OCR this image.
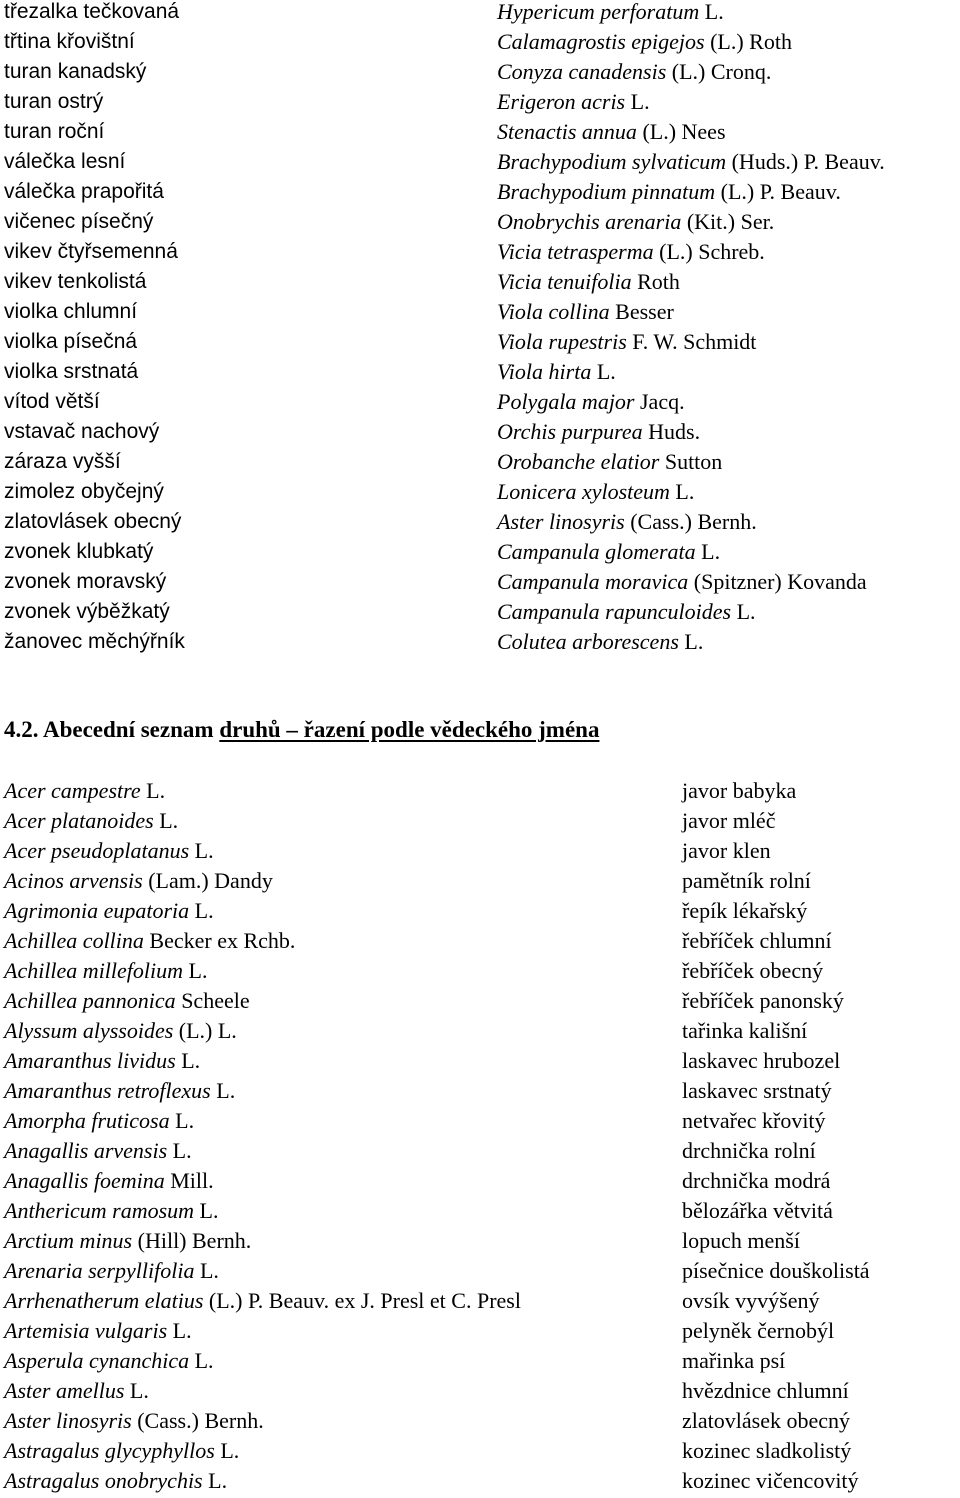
třezalka tečkovaná
třtina křovištní
turan kanadský
turan ostrý
turan roční
válečka lesní
válečka prapořitá
vičenec písečný
vikev čtyřsemenná
vikev tenkolistá
violka chlumní
violka písečná
violka srstnatá
vítod větší
vstavač nachový
záraza vyšší
zimolez obyčejný
zlatovlásek obecný
zvonek klubkatý
zvonek moravský
zvonek výběžkatý
žanovec měchýřník
Hypericum perforatum L.
Calamagrostis epigejos (L.) Roth
Conyza canadensis (L.) Cronq.
Erigeron acris L.
Stenactis annua (L.) Nees
Brachypodium sylvaticum (Huds.) P. Beauv.
Brachypodium pinnatum (L.) P. Beauv.
Onobrychis arenaria (Kit.) Ser.
Vicia tetrasperma (L.) Schreb.
Vicia tenuifolia Roth
Viola collina Besser
Viola rupestris F. W. Schmidt
Viola hirta L.
Polygala major Jacq.
Orchis purpurea Huds.
Orobanche elatior Sutton
Lonicera xylosteum L.
Aster linosyris (Cass.) Bernh.
Campanula glomerata L.
Campanula moravica (Spitzner) Kovanda
Campanula rapunculoides L.
Colutea arborescens L.
4.2. Abecední seznam druhů – řazení podle vědeckého jména
Acer campestre L.
Acer platanoides L.
Acer pseudoplatanus L.
Acinos arvensis (Lam.) Dandy
Agrimonia eupatoria L.
Achillea collina Becker ex Rchb.
Achillea millefolium L.
Achillea pannonica Scheele
Alyssum alyssoides (L.) L.
Amaranthus lividus L.
Amaranthus retroflexus L.
Amorpha fruticosa L.
Anagallis arvensis L.
Anagallis foemina Mill.
Anthericum ramosum L.
Arctium minus (Hill) Bernh.
Arenaria serpyllifolia L.
Arrhenatherum elatius (L.) P. Beauv. ex J. Presl et C. Presl
Artemisia vulgaris L.
Asperula cynanchica L.
Aster amellus L.
Aster linosyris (Cass.) Bernh.
Astragalus glycyphyllos L.
Astragalus onobrychis L.
javor babyka
javor mléč
javor klen
pamětník rolní
řepík lékařský
řebříček chlumní
řebříček obecný
řebříček panonský
tařinka kališní
laskavec hrubozel
laskavec srstnatý
netvařec křovitý
drchnička rolní
drchnička modrá
bělozářka větvitá
lopuch menší
písečnice douškolistá
ovsík vyvýšený
pelyněk černobýl
mařinka psí
hvězdnice chlumní
zlatovlásek obecný
kozinec sladkolistý
kozinec vičencovitý
